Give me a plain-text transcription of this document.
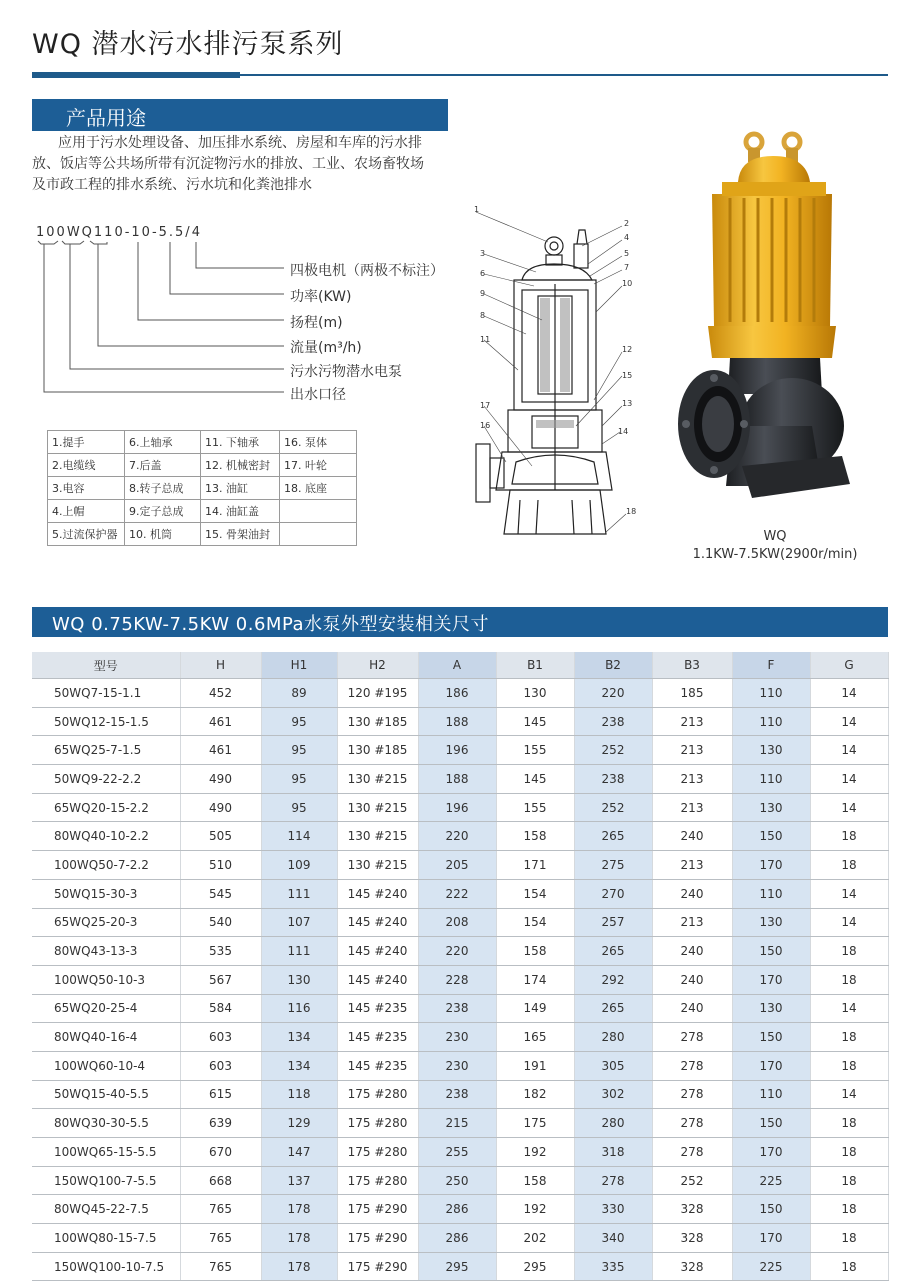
WQ 潜水污水排污泵系列
产品用途
应用于污水处理设备、加压排水系统、房屋和车库的污水排
放、饭店等公共场所带有沉淀物污水的排放、工业、农场畜牧场
及市政工程的排水系统、污水坑和化粪池排水
100WQ110-10-5.5/4
四极电机（两极不标注）
功率(KW)
扬程(m)
流量(m³/h)
污水污物潜水电泵
出水口径
1.提手	6.上轴承	11. 下轴承	16. 泵体
2.电缆线	7.后盖	12. 机械密封	17. 叶轮
3.电容	8.转子总成	13. 油缸	18. 底座
4.上帽	9.定子总成	14. 油缸盖	
5.过流保护器	10. 机筒	15. 骨架油封	
1
2
3
4
5
6
7
8
9
10
11
12
13
14
15
16
17
18
WQ
1.1KW-7.5KW(2900r/min)
WQ 0.75KW-7.5KW 0.6MPa水泵外型安装相关尺寸
型号	H	H1	H2	A	B1	B2	B3	F	G
50WQ7-15-1.1	452	89	120 #195	186	130	220	185	110	14
50WQ12-15-1.5	461	95	130 #185	188	145	238	213	110	14
65WQ25-7-1.5	461	95	130 #185	196	155	252	213	130	14
50WQ9-22-2.2	490	95	130 #215	188	145	238	213	110	14
65WQ20-15-2.2	490	95	130 #215	196	155	252	213	130	14
80WQ40-10-2.2	505	114	130 #215	220	158	265	240	150	18
100WQ50-7-2.2	510	109	130 #215	205	171	275	213	170	18
50WQ15-30-3	545	111	145 #240	222	154	270	240	110	14
65WQ25-20-3	540	107	145 #240	208	154	257	213	130	14
80WQ43-13-3	535	111	145 #240	220	158	265	240	150	18
100WQ50-10-3	567	130	145 #240	228	174	292	240	170	18
65WQ20-25-4	584	116	145 #235	238	149	265	240	130	14
80WQ40-16-4	603	134	145 #235	230	165	280	278	150	18
100WQ60-10-4	603	134	145 #235	230	191	305	278	170	18
50WQ15-40-5.5	615	118	175 #280	238	182	302	278	110	14
80WQ30-30-5.5	639	129	175 #280	215	175	280	278	150	18
100WQ65-15-5.5	670	147	175 #280	255	192	318	278	170	18
150WQ100-7-5.5	668	137	175 #280	250	158	278	252	225	18
80WQ45-22-7.5	765	178	175 #290	286	192	330	328	150	18
100WQ80-15-7.5	765	178	175 #290	286	202	340	328	170	18
150WQ100-10-7.5	765	178	175 #290	295	295	335	328	225	18
